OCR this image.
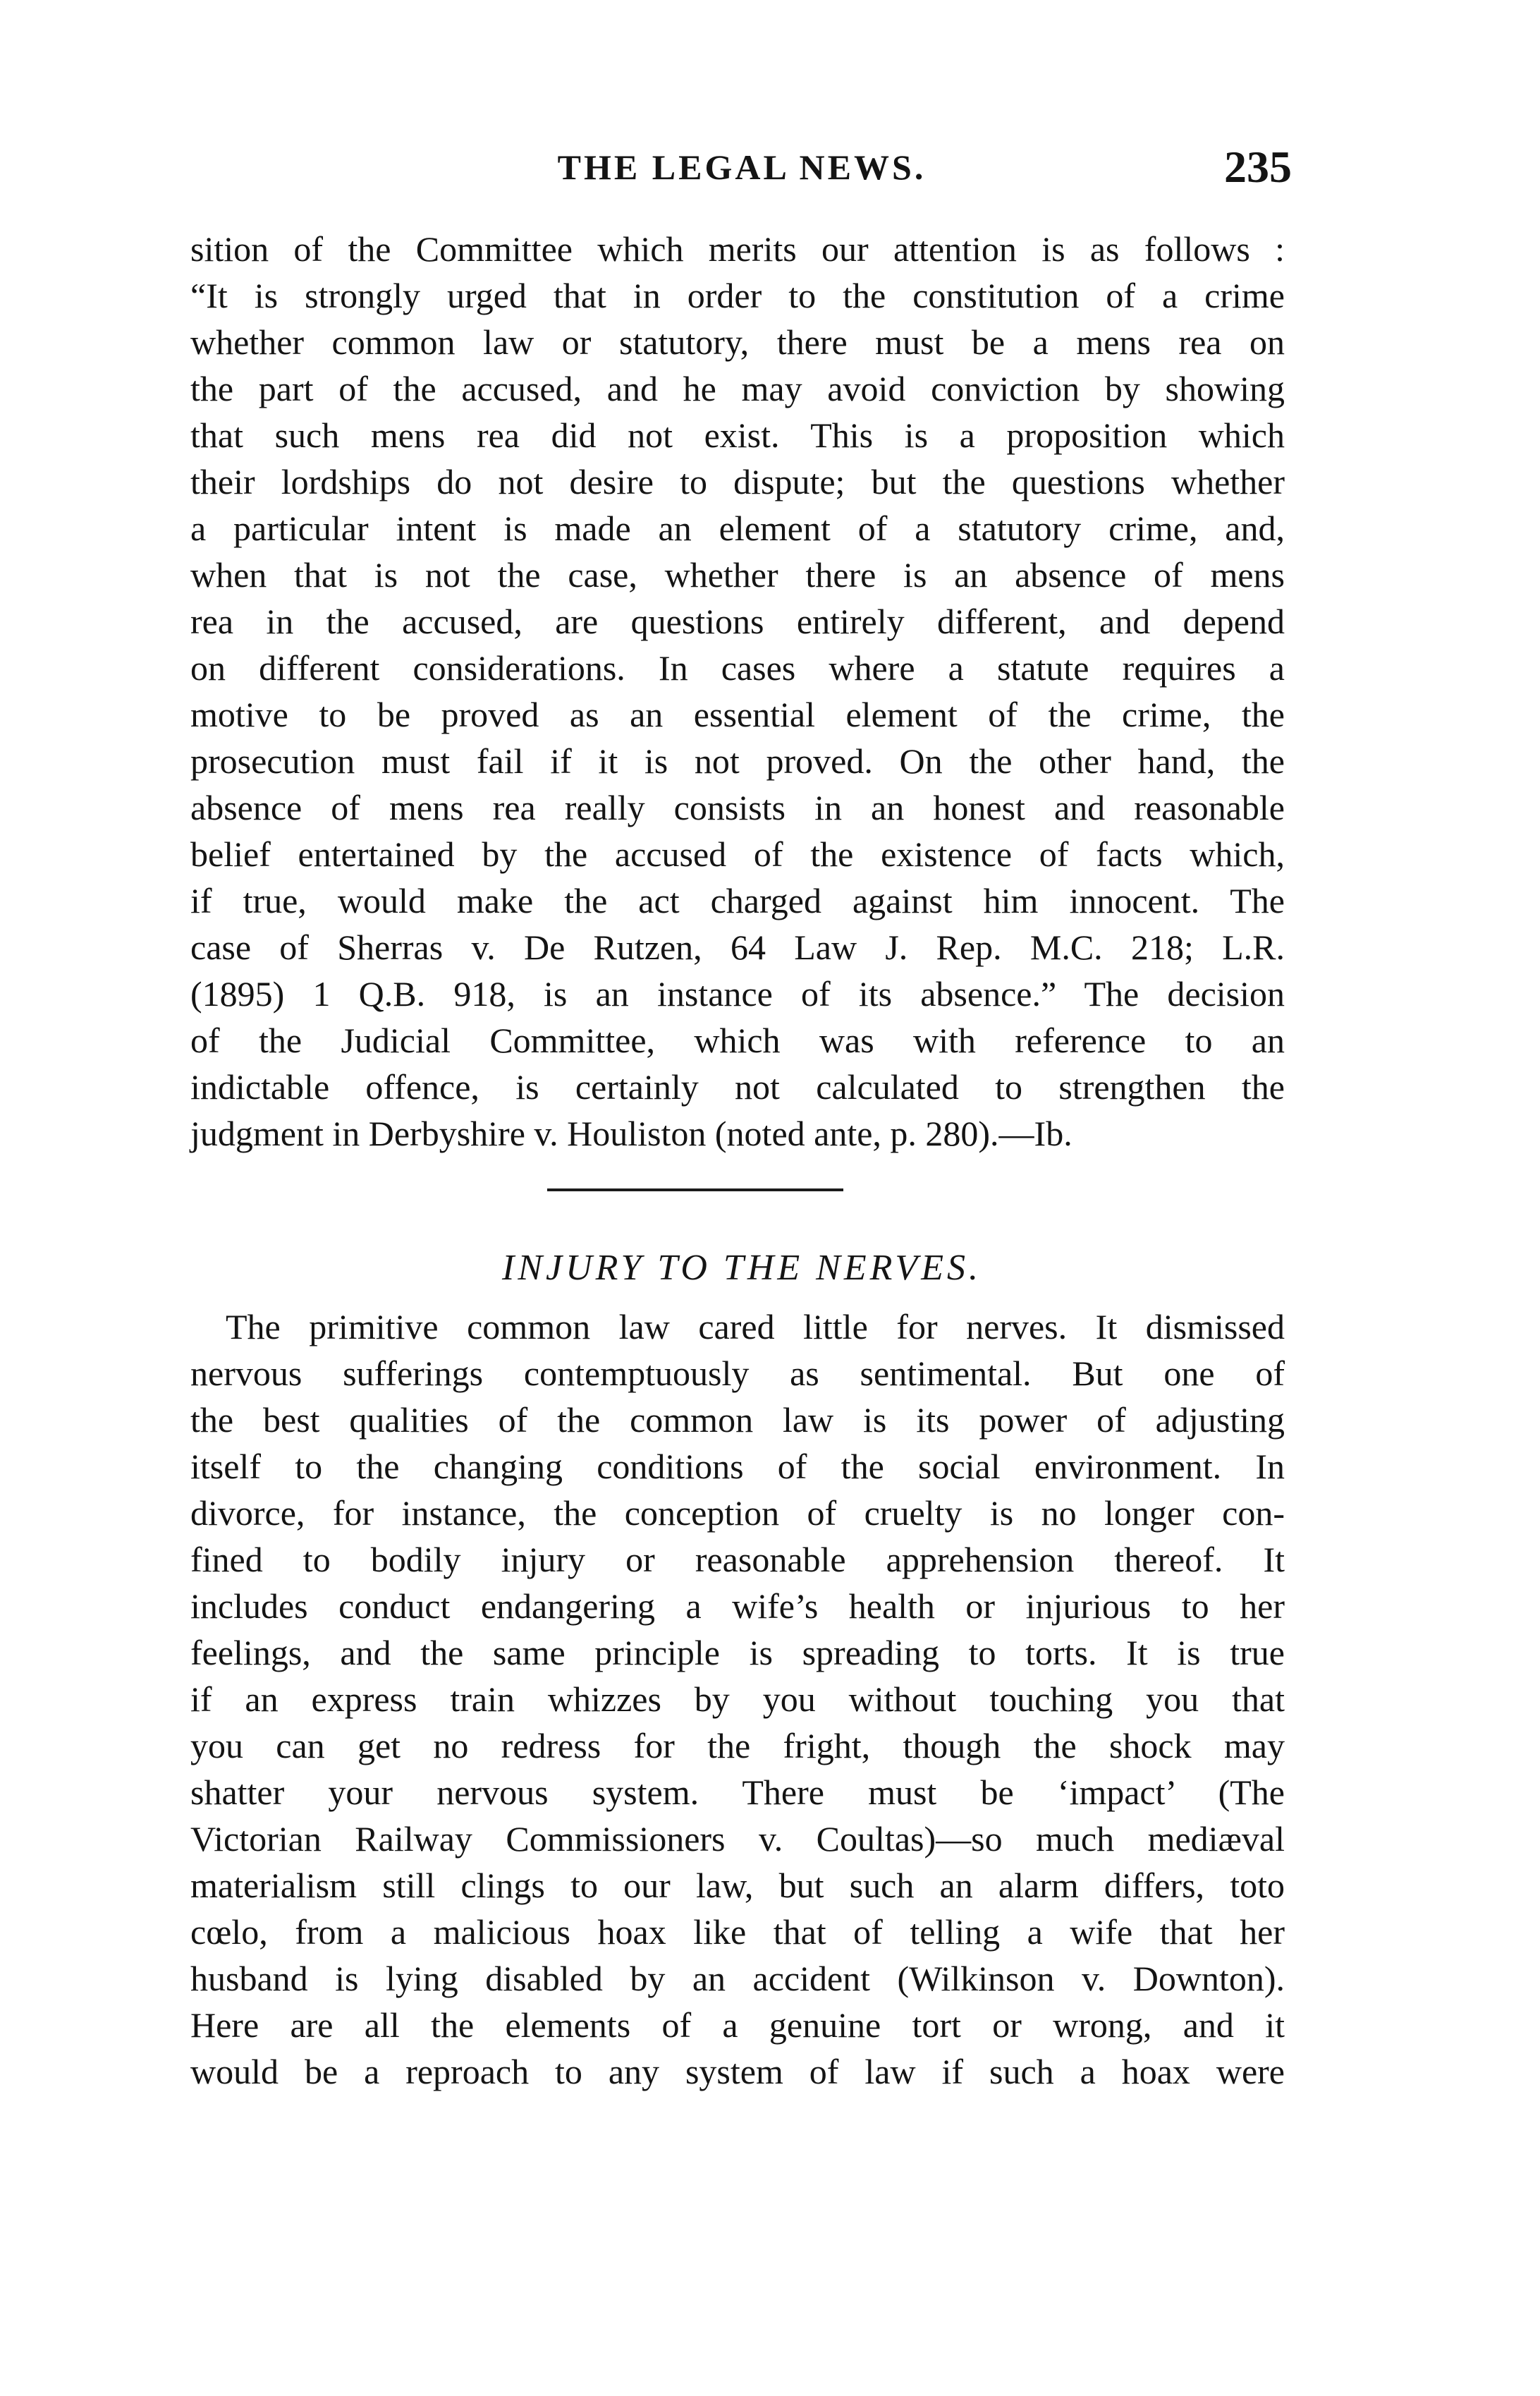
THE LEGAL NEWS.	235
sition of the Committee which merits our attention is as follows :
“It is strongly urged that in order to the constitution of a crime
whether common law or statutory, there must be a mens rea on
the part of the accused, and he may avoid conviction by showing
that such mens rea did not exist. This is a proposition which
their lordships do not desire to dispute; but the questions whether
a particular intent is made an element of a statutory crime, and,
when that is not the case, whether there is an absence of mens
rea in the accused, are questions entirely different, and depend
on different considerations. In cases where a statute requires a
motive to be proved as an essential element of the crime, the
prosecution must fail if it is not proved. On the other hand, the
absence of mens rea really consists in an honest and reasonable
belief entertained by the accused of the existence of facts which,
if true, would make the act charged against him innocent. The
case of Sherras v. De Rutzen, 64 Law J. Rep. M.C. 218; L.R.
(1895) 1 Q.B. 918, is an instance of its absence.” The decision
of the Judicial Committee, which was with reference to an
indictable offence, is certainly not calculated to strengthen the
judgment in Derbyshire v. Houliston (noted ante, p. 280).—Ib.
INJURY TO THE NERVES.
The primitive common law cared little for nerves. It dismissed
nervous sufferings contemptuously as sentimental. But one of
the best qualities of the common law is its power of adjusting
itself to the changing conditions of the social environment. In
divorce, for instance, the conception of cruelty is no longer con-
fined to bodily injury or reasonable apprehension thereof. It
includes conduct endangering a wife’s health or injurious to her
feelings, and the same principle is spreading to torts. It is true
if an express train whizzes by you without touching you that
you can get no redress for the fright, though the shock may
shatter your nervous system. There must be ‘impact’ (The
Victorian Railway Commissioners v. Coultas)—so much mediæval
materialism still clings to our law, but such an alarm differs, toto
cœlo, from a malicious hoax like that of telling a wife that her
husband is lying disabled by an accident (Wilkinson v. Downton).
Here are all the elements of a genuine tort or wrong, and it
would be a reproach to any system of law if such a hoax were
